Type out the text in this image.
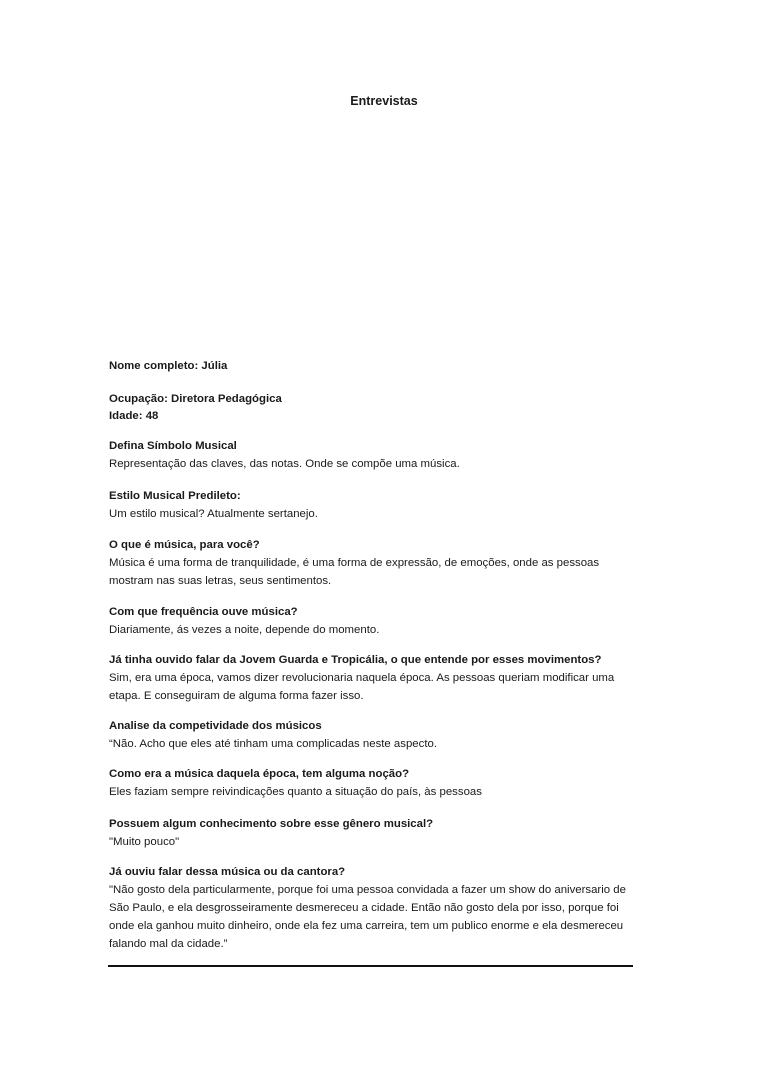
Entrevistas
Nome completo: Júlia
Ocupação: Diretora Pedagógica
Idade: 48
Defina Símbolo Musical
Representação das claves, das notas. Onde se compõe uma música.
Estilo Musical Predileto:
Um estilo musical? Atualmente sertanejo.
O que é música, para você?
Música é uma forma de tranquilidade, é uma forma de expressão, de emoções, onde as pessoas
mostram nas suas letras, seus sentimentos.
Com que frequência ouve música?
Diariamente, ás vezes a noite, depende do momento.
Já tinha ouvido falar da Jovem Guarda e Tropicália, o que entende por esses movimentos?
Sim, era uma época, vamos dizer revolucionaria naquela época. As pessoas queriam modificar uma
etapa. E conseguiram de alguma forma fazer isso.
Analise da competividade dos músicos
“Não. Acho que eles até tinham uma complicadas neste aspecto.
Como era a música daquela época, tem alguma noção?
Eles faziam sempre reivindicações quanto a situação do país, às pessoas
Possuem algum conhecimento sobre esse gênero musical?
"Muito pouco"
Já ouviu falar dessa música ou da cantora?
"Não gosto dela particularmente, porque foi uma pessoa convidada a fazer um show do aniversario de
São Paulo, e ela desgrosseiramente desmereceu a cidade. Então não gosto dela por isso, porque foi
onde ela ganhou muito dinheiro, onde ela fez uma carreira, tem um publico enorme e ela desmereceu
falando mal da cidade.”
